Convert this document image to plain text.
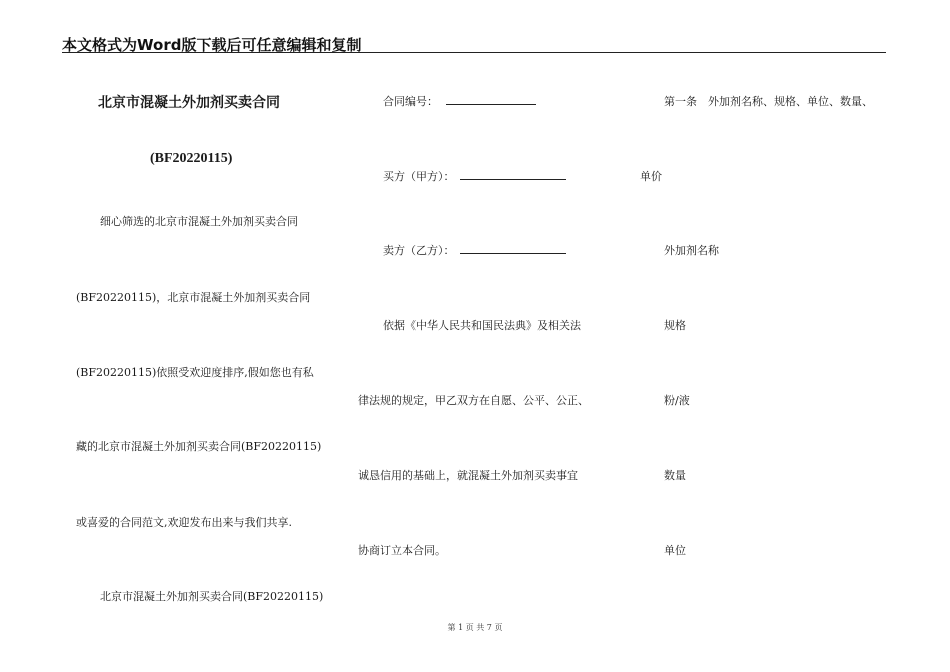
本文格式为Word版下载后可任意编辑和复制
北京市混凝土外加剂买卖合同
(BF20220115)
细心筛选的北京市混凝土外加剂买卖合同
(BF20220115)，北京市混凝土外加剂买卖合同
(BF20220115)依照受欢迎度排序,假如您也有私
藏的北京市混凝土外加剂买卖合同(BF20220115)
或喜爱的合同范文,欢迎发布出来与我们共享.
北京市混凝土外加剂买卖合同(BF20220115)
合同编号：
买方（甲方）：
卖方（乙方）：
依据《中华人民共和国民法典》及相关法
律法规的规定，甲乙双方在自愿、公平、公正、
诚恳信用的基础上，就混凝土外加剂买卖事宜
协商订立本合同。
第一条　外加剂名称、规格、单位、数量、
单价
外加剂名称
规格
粉/液
数量
单位
第 1 页 共 7 页
